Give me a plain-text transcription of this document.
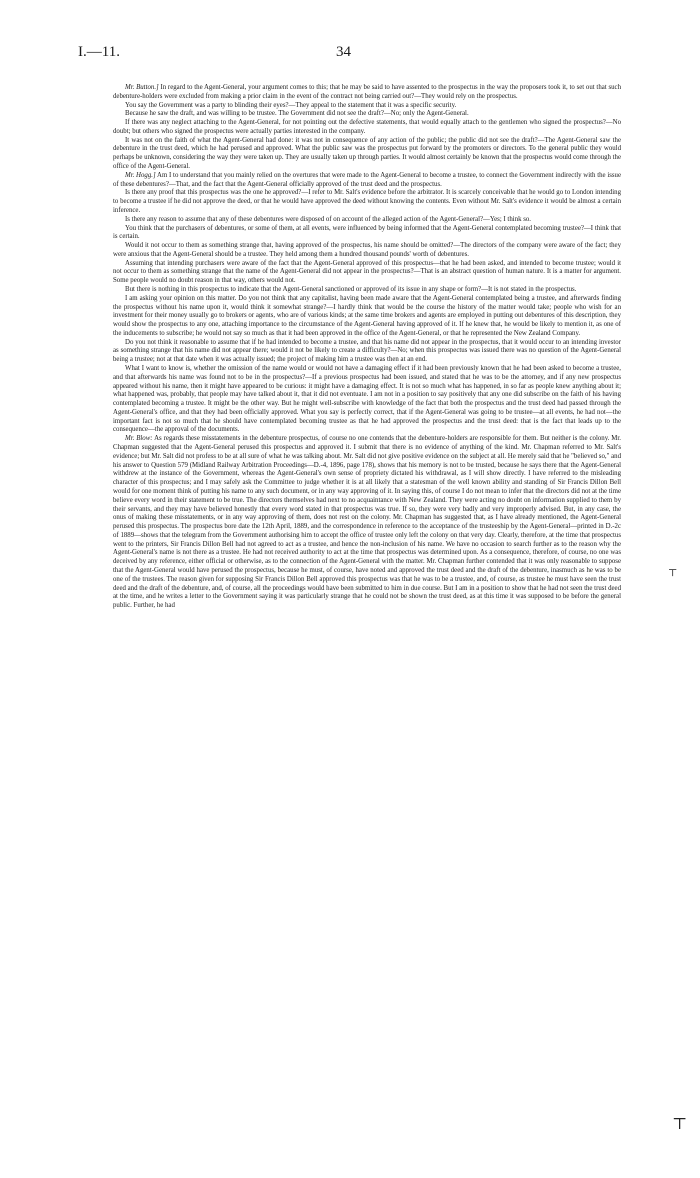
I.—11.	34

Mr. Button.] In regard to the Agent-General, your argument comes to this; that he may be said to have assented to the prospectus in the way the proposers took it, to set out that such debenture-holders were excluded from making a prior claim in the event of the contract not being carried out?—They would rely on the prospectus.

You say the Government was a party to blinding their eyes?—They appeal to the statement that it was a specific security.

Because he saw the draft, and was willing to be trustee. The Government did not see the draft?—No; only the Agent-General.

If there was any neglect attaching to the Agent-General, for not pointing out the defective statements, that would equally attach to the gentlemen who signed the prospectus?—No doubt; but others who signed the prospectus were actually parties interested in the company.

It was not on the faith of what the Agent-General had done: it was not in consequence of any action of the public; the public did not see the draft?—The Agent-General saw the debenture in the trust deed, which he had perused and approved. What the public saw was the prospectus put forward by the promoters or directors. To the general public they would perhaps be unknown, considering the way they were taken up. They are usually taken up through parties. It would almost certainly be known that the prospectus would come through the office of the Agent-General.

Mr. Hogg.] Am I to understand that you mainly relied on the overtures that were made to the Agent-General to become a trustee, to connect the Government indirectly with the issue of these debentures?—That, and the fact that the Agent-General officially approved of the trust deed and the prospectus.

Is there any proof that this prospectus was the one he approved?—I refer to Mr. Salt's evidence before the arbitrator. It is scarcely conceivable that he would go to London intending to become a trustee if he did not approve the deed, or that he would have approved the deed without knowing the contents. Even without Mr. Salt's evidence it would be almost a certain inference.

Is there any reason to assume that any of these debentures were disposed of on account of the alleged action of the Agent-General?—Yes; I think so.

You think that the purchasers of debentures, or some of them, at all events, were influenced by being informed that the Agent-General contemplated becoming trustee?—I think that is certain.

Would it not occur to them as something strange that, having approved of the prospectus, his name should be omitted?—The directors of the company were aware of the fact; they were anxious that the Agent-General should be a trustee. They held among them a hundred thousand pounds' worth of debentures.

Assuming that intending purchasers were aware of the fact that the Agent-General approved of this prospectus—that he had been asked, and intended to become trustee; would it not occur to them as something strange that the name of the Agent-General did not appear in the prospectus?—That is an abstract question of human nature. It is a matter for argument. Some people would no doubt reason in that way, others would not.

But there is nothing in this prospectus to indicate that the Agent-General sanctioned or approved of its issue in any shape or form?—It is not stated in the prospectus.

I am asking your opinion on this matter. Do you not think that any capitalist, having been made aware that the Agent-General contemplated being a trustee, and afterwards finding the prospectus without his name upon it, would think it somewhat strange?—I hardly think that would be the course the history of the matter would take; people who wish for an investment for their money usually go to brokers or agents, who are of various kinds; at the same time brokers and agents are employed in putting out debentures of this description, they would show the prospectus to any one, attaching importance to the circumstance of the Agent-General having approved of it. If he knew that, he would be likely to mention it, as one of the inducements to subscribe; he would not say so much as that it had been approved in the office of the Agent-General, or that he represented the New Zealand Company.

Do you not think it reasonable to assume that if he had intended to become a trustee, and that his name did not appear in the prospectus, that it would occur to an intending investor as something strange that his name did not appear there; would it not be likely to create a difficulty?—No; when this prospectus was issued there was no question of the Agent-General being a trustee; not at that date when it was actually issued; the project of making him a trustee was then at an end.

What I want to know is, whether the omission of the name would or would not have a damaging effect if it had been previously known that he had been asked to become a trustee, and that afterwards his name was found not to be in the prospectus?—If a previous prospectus had been issued, and stated that he was to be the attorney, and if any new prospectus appeared without his name, then it might have appeared to be curious: it might have a damaging effect. It is not so much what has happened, in so far as people knew anything about it; what happened was, probably, that people may have talked about it, that it did not eventuate. I am not in a position to say positively that any one did subscribe on the faith of his having contemplated becoming a trustee. It might be the other way. But he might well-subscribe with knowledge of the fact that both the prospectus and the trust deed had passed through the Agent-General's office, and that they had been officially approved. What you say is perfectly correct, that if the Agent-General was going to be trustee—at all events, he had not—the important fact is not so much that he should have contemplated becoming trustee as that he had approved the prospectus and the trust deed: that is the fact that leads up to the consequence—the approval of the documents.

Mr. Blow: As regards these misstatements in the debenture prospectus, of course no one contends that the debenture-holders are responsible for them. But neither is the colony. Mr. Chapman suggested that the Agent-General perused this prospectus and approved it. I submit that there is no evidence of anything of the kind. Mr. Chapman referred to Mr. Salt's evidence; but Mr. Salt did not profess to be at all sure of what he was talking about. Mr. Salt did not give positive evidence on the subject at all. He merely said that he "believed so," and his answer to Question 579 (Midland Railway Arbitration Proceedings—D.-4, 1896, page 178), shows that his memory is not to be trusted, because he says there that the Agent-General withdrew at the instance of the Government, whereas the Agent-General's own sense of propriety dictated his withdrawal, as I will show directly. I have referred to the misleading character of this prospectus; and I may safely ask the Committee to judge whether it is at all likely that a statesman of the well known ability and standing of Sir Francis Dillon Bell would for one moment think of putting his name to any such document, or in any way approving of it. In saying this, of course I do not mean to infer that the directors did not at the time believe every word in their statement to be true. The directors themselves had next to no acquaintance with New Zealand. They were acting no doubt on information supplied to them by their servants, and they may have believed honestly that every word stated in that prospectus was true. If so, they were very badly and very improperly advised. But, in any case, the onus of making these misstatements, or in any way approving of them, does not rest on the colony. Mr. Chapman has suggested that, as I have already mentioned, the Agent-General perused this prospectus. The prospectus bore date the 12th April, 1889, and the correspondence in reference to the acceptance of the trusteeship by the Agent-General—printed in D.-2c of 1889—shows that the telegram from the Government authorising him to accept the office of trustee only left the colony on that very day. Clearly, therefore, at the time that prospectus went to the printers, Sir Francis Dillon Bell had not agreed to act as a trustee, and hence the non-inclusion of his name. We have no occasion to search further as to the reason why the Agent-General's name is not there as a trustee. He had not received authority to act at the time that prospectus was determined upon. As a consequence, therefore, of course, no one was deceived by any reference, either official or otherwise, as to the connection of the Agent-General with the matter. Mr. Chapman further contended that it was only reasonable to suppose that the Agent-General would have perused the prospectus, because he must, of course, have noted and approved the trust deed and the draft of the debenture, inasmuch as he was to be one of the trustees. The reason given for supposing Sir Francis Dillon Bell approved this prospectus was that he was to be a trustee, and, of course, as trustee he must have seen the trust deed and the draft of the debenture, and, of course, all the proceedings would have been submitted to him in due course. But I am in a position to show that he had not seen the trust deed at the time, and he writes a letter to the Government saying it was particularly strange that he could not be shown the trust deed, as at this time it was supposed to be before the general public. Further, he had

⊤
⊤
